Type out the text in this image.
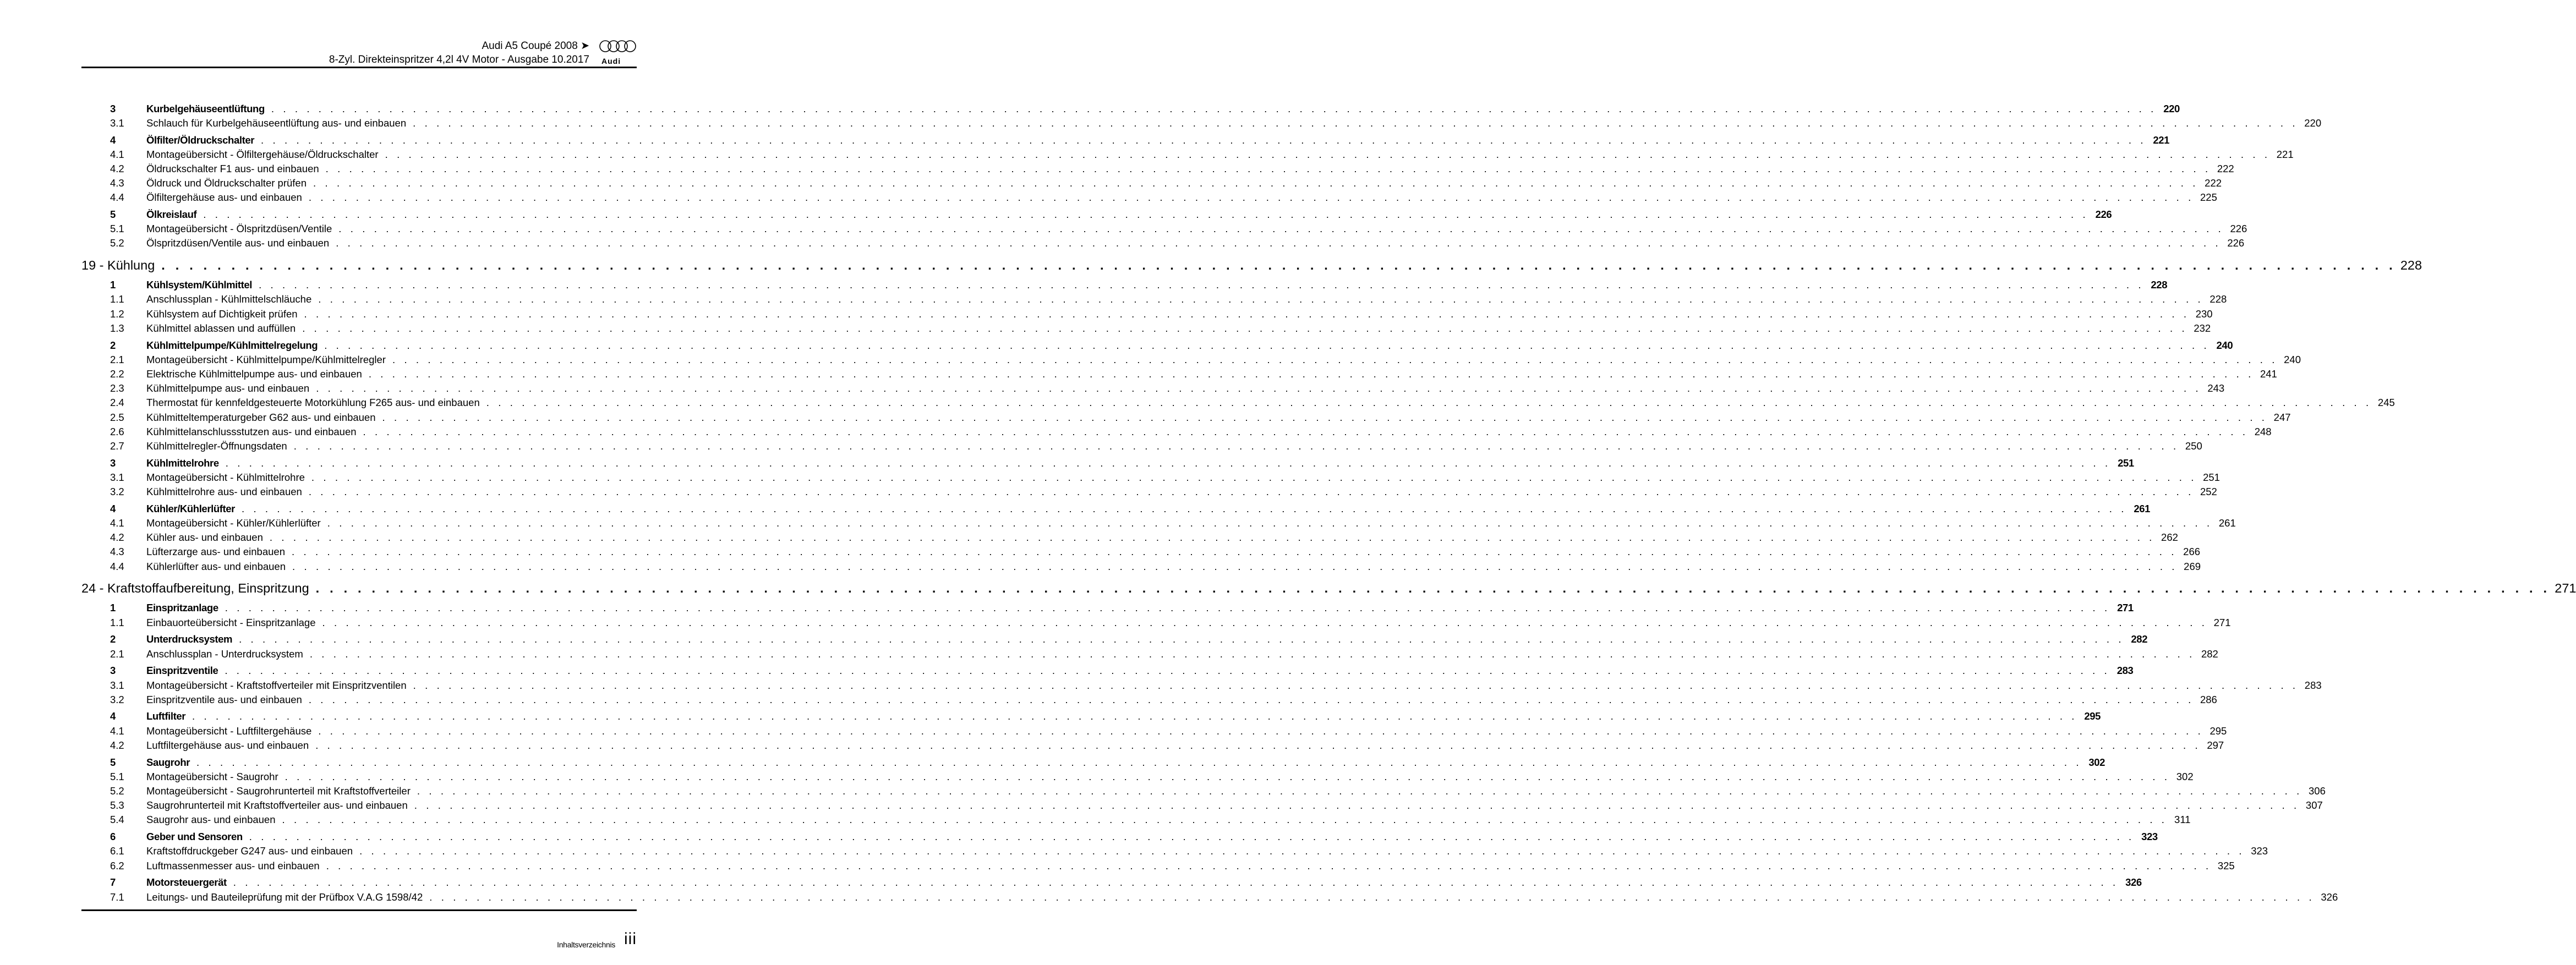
Audi A5 Coupé 2008 ➤
8-Zyl. Direkteinspritzer 4,2l 4V Motor - Ausgabe 10.2017 Audi
3	Kurbelgehäuseentlüftung . . . . . . . . . . . . . . . . . . . . . . . . . . . . . . . . . . . . . . . . . . . . . . . . . . . . . . . . . . . . . . . . . . . . . . . . . . . . . . . . . . . . . . . . . . . . . . . . . . . . . . . . . . . . . . . . . . . . . . . . . . . . . . . . . . . . . . . . . . . . . . . . . . . . . . . . . . . . . . . . 220
3.1	Schlauch für Kurbelgehäuseentlüftung aus- und einbauen . . . . . . . . . . . . . . . . . . . . . . . . . . . . . . . . . . . . . . . . . . . . . . . . . . . . . . . . . . . . . . . . . . . . . . . . . . . . . . . . . . . . . . . . . . . . . . . . . . . . . . . . . . . . . . . . . . . . . . . . . . . . . . . . . . . . . . . . . . . . . . . . . . . . . . . . . . . . . . . . 220
4	Ölfilter/Öldruckschalter . . . . . . . . . . . . . . . . . . . . . . . . . . . . . . . . . . . . . . . . . . . . . . . . . . . . . . . . . . . . . . . . . . . . . . . . . . . . . . . . . . . . . . . . . . . . . . . . . . . . . . . . . . . . . . . . . . . . . . . . . . . . . . . . . . . . . . . . . . . . . . . . . . . . . . . . . . . . . . . . 221
4.1	Montageübersicht - Ölfiltergehäuse/Öldruckschalter . . . . . . . . . . . . . . . . . . . . . . . . . . . . . . . . . . . . . . . . . . . . . . . . . . . . . . . . . . . . . . . . . . . . . . . . . . . . . . . . . . . . . . . . . . . . . . . . . . . . . . . . . . . . . . . . . . . . . . . . . . . . . . . . . . . . . . . . . . . . . . . . . . . . . . . . . . . . . . . . 221
4.2	Öldruckschalter F1 aus- und einbauen . . . . . . . . . . . . . . . . . . . . . . . . . . . . . . . . . . . . . . . . . . . . . . . . . . . . . . . . . . . . . . . . . . . . . . . . . . . . . . . . . . . . . . . . . . . . . . . . . . . . . . . . . . . . . . . . . . . . . . . . . . . . . . . . . . . . . . . . . . . . . . . . . . . . . . . . . . . . . . . . 222
4.3	Öldruck und Öldruckschalter prüfen . . . . . . . . . . . . . . . . . . . . . . . . . . . . . . . . . . . . . . . . . . . . . . . . . . . . . . . . . . . . . . . . . . . . . . . . . . . . . . . . . . . . . . . . . . . . . . . . . . . . . . . . . . . . . . . . . . . . . . . . . . . . . . . . . . . . . . . . . . . . . . . . . . . . . . . . . . . . . . . . 222
4.4	Ölfiltergehäuse aus- und einbauen . . . . . . . . . . . . . . . . . . . . . . . . . . . . . . . . . . . . . . . . . . . . . . . . . . . . . . . . . . . . . . . . . . . . . . . . . . . . . . . . . . . . . . . . . . . . . . . . . . . . . . . . . . . . . . . . . . . . . . . . . . . . . . . . . . . . . . . . . . . . . . . . . . . . . . . . . . . . . . . . 225
5	Ölkreislauf . . . . . . . . . . . . . . . . . . . . . . . . . . . . . . . . . . . . . . . . . . . . . . . . . . . . . . . . . . . . . . . . . . . . . . . . . . . . . . . . . . . . . . . . . . . . . . . . . . . . . . . . . . . . . . . . . . . . . . . . . . . . . . . . . . . . . . . . . . . . . . . . . . . . . . . . . . . . . . . . 226
5.1	Montageübersicht - Ölspritzdüsen/Ventile . . . . . . . . . . . . . . . . . . . . . . . . . . . . . . . . . . . . . . . . . . . . . . . . . . . . . . . . . . . . . . . . . . . . . . . . . . . . . . . . . . . . . . . . . . . . . . . . . . . . . . . . . . . . . . . . . . . . . . . . . . . . . . . . . . . . . . . . . . . . . . . . . . . . . . . . . . . . . . . . 226
5.2	Ölspritzdüsen/Ventile aus- und einbauen . . . . . . . . . . . . . . . . . . . . . . . . . . . . . . . . . . . . . . . . . . . . . . . . . . . . . . . . . . . . . . . . . . . . . . . . . . . . . . . . . . . . . . . . . . . . . . . . . . . . . . . . . . . . . . . . . . . . . . . . . . . . . . . . . . . . . . . . . . . . . . . . . . . . . . . . . . . . . . . . 226
19 - Kühlung . . . . . . . . . . . . . . . . . . . . . . . . . . . . . . . . . . . . . . . . . . . . . . . . . . . . . . . . . . . . . . . . . . . . . . . . . . . . . . . . . . . . . . . . . . . . . . . . . . . . . . . . . . . . . . . . . . . . . . . . . . . . . . . . . . . . . . . . . . . . . . . . . . . . . . . . . . . . . . . . 228
1	Kühlsystem/Kühlmittel . . . . . . . . . . . . . . . . . . . . . . . . . . . . . . . . . . . . . . . . . . . . . . . . . . . . . . . . . . . . . . . . . . . . . . . . . . . . . . . . . . . . . . . . . . . . . . . . . . . . . . . . . . . . . . . . . . . . . . . . . . . . . . . . . . . . . . . . . . . . . . . . . . . . . . . . . . . . . . . . 228
1.1	Anschlussplan - Kühlmittelschläuche . . . . . . . . . . . . . . . . . . . . . . . . . . . . . . . . . . . . . . . . . . . . . . . . . . . . . . . . . . . . . . . . . . . . . . . . . . . . . . . . . . . . . . . . . . . . . . . . . . . . . . . . . . . . . . . . . . . . . . . . . . . . . . . . . . . . . . . . . . . . . . . . . . . . . . . . . . . . . . . . 228
1.2	Kühlsystem auf Dichtigkeit prüfen . . . . . . . . . . . . . . . . . . . . . . . . . . . . . . . . . . . . . . . . . . . . . . . . . . . . . . . . . . . . . . . . . . . . . . . . . . . . . . . . . . . . . . . . . . . . . . . . . . . . . . . . . . . . . . . . . . . . . . . . . . . . . . . . . . . . . . . . . . . . . . . . . . . . . . . . . . . . . . . . 230
1.3	Kühlmittel ablassen und auffüllen . . . . . . . . . . . . . . . . . . . . . . . . . . . . . . . . . . . . . . . . . . . . . . . . . . . . . . . . . . . . . . . . . . . . . . . . . . . . . . . . . . . . . . . . . . . . . . . . . . . . . . . . . . . . . . . . . . . . . . . . . . . . . . . . . . . . . . . . . . . . . . . . . . . . . . . . . . . . . . . . 232
2	Kühlmittelpumpe/Kühlmittelregelung . . . . . . . . . . . . . . . . . . . . . . . . . . . . . . . . . . . . . . . . . . . . . . . . . . . . . . . . . . . . . . . . . . . . . . . . . . . . . . . . . . . . . . . . . . . . . . . . . . . . . . . . . . . . . . . . . . . . . . . . . . . . . . . . . . . . . . . . . . . . . . . . . . . . . . . . . . . . . . . . 240
2.1	Montageübersicht - Kühlmittelpumpe/Kühlmittelregler . . . . . . . . . . . . . . . . . . . . . . . . . . . . . . . . . . . . . . . . . . . . . . . . . . . . . . . . . . . . . . . . . . . . . . . . . . . . . . . . . . . . . . . . . . . . . . . . . . . . . . . . . . . . . . . . . . . . . . . . . . . . . . . . . . . . . . . . . . . . . . . . . . . . . . . . . . . . . . . . 240
2.2	Elektrische Kühlmittelpumpe aus- und einbauen . . . . . . . . . . . . . . . . . . . . . . . . . . . . . . . . . . . . . . . . . . . . . . . . . . . . . . . . . . . . . . . . . . . . . . . . . . . . . . . . . . . . . . . . . . . . . . . . . . . . . . . . . . . . . . . . . . . . . . . . . . . . . . . . . . . . . . . . . . . . . . . . . . . . . . . . . . . . . . . . 241
2.3	Kühlmittelpumpe aus- und einbauen . . . . . . . . . . . . . . . . . . . . . . . . . . . . . . . . . . . . . . . . . . . . . . . . . . . . . . . . . . . . . . . . . . . . . . . . . . . . . . . . . . . . . . . . . . . . . . . . . . . . . . . . . . . . . . . . . . . . . . . . . . . . . . . . . . . . . . . . . . . . . . . . . . . . . . . . . . . . . . . . 243
2.4	Thermostat für kennfeldgesteuerte Motorkühlung F265 aus- und einbauen . . . . . . . . . . . . . . . . . . . . . . . . . . . . . . . . . . . . . . . . . . . . . . . . . . . . . . . . . . . . . . . . . . . . . . . . . . . . . . . . . . . . . . . . . . . . . . . . . . . . . . . . . . . . . . . . . . . . . . . . . . . . . . . . . . . . . . . . . . . . . . . . . . . . . . . . . . . . . . . . 245
2.5	Kühlmitteltemperaturgeber G62 aus- und einbauen . . . . . . . . . . . . . . . . . . . . . . . . . . . . . . . . . . . . . . . . . . . . . . . . . . . . . . . . . . . . . . . . . . . . . . . . . . . . . . . . . . . . . . . . . . . . . . . . . . . . . . . . . . . . . . . . . . . . . . . . . . . . . . . . . . . . . . . . . . . . . . . . . . . . . . . . . . . . . . . . 247
2.6	Kühlmittelanschlussstutzen aus- und einbauen . . . . . . . . . . . . . . . . . . . . . . . . . . . . . . . . . . . . . . . . . . . . . . . . . . . . . . . . . . . . . . . . . . . . . . . . . . . . . . . . . . . . . . . . . . . . . . . . . . . . . . . . . . . . . . . . . . . . . . . . . . . . . . . . . . . . . . . . . . . . . . . . . . . . . . . . . . . . . . . . 248
2.7	Kühlmittelregler-Öffnungsdaten . . . . . . . . . . . . . . . . . . . . . . . . . . . . . . . . . . . . . . . . . . . . . . . . . . . . . . . . . . . . . . . . . . . . . . . . . . . . . . . . . . . . . . . . . . . . . . . . . . . . . . . . . . . . . . . . . . . . . . . . . . . . . . . . . . . . . . . . . . . . . . . . . . . . . . . . . . . . . . . . 250
3	Kühlmittelrohre . . . . . . . . . . . . . . . . . . . . . . . . . . . . . . . . . . . . . . . . . . . . . . . . . . . . . . . . . . . . . . . . . . . . . . . . . . . . . . . . . . . . . . . . . . . . . . . . . . . . . . . . . . . . . . . . . . . . . . . . . . . . . . . . . . . . . . . . . . . . . . . . . . . . . . . . . . . . . . . . 251
3.1	Montageübersicht - Kühlmittelrohre . . . . . . . . . . . . . . . . . . . . . . . . . . . . . . . . . . . . . . . . . . . . . . . . . . . . . . . . . . . . . . . . . . . . . . . . . . . . . . . . . . . . . . . . . . . . . . . . . . . . . . . . . . . . . . . . . . . . . . . . . . . . . . . . . . . . . . . . . . . . . . . . . . . . . . . . . . . . . . . . 251
3.2	Kühlmittelrohre aus- und einbauen . . . . . . . . . . . . . . . . . . . . . . . . . . . . . . . . . . . . . . . . . . . . . . . . . . . . . . . . . . . . . . . . . . . . . . . . . . . . . . . . . . . . . . . . . . . . . . . . . . . . . . . . . . . . . . . . . . . . . . . . . . . . . . . . . . . . . . . . . . . . . . . . . . . . . . . . . . . . . . . . 252
4	Kühler/Kühlerlüfter . . . . . . . . . . . . . . . . . . . . . . . . . . . . . . . . . . . . . . . . . . . . . . . . . . . . . . . . . . . . . . . . . . . . . . . . . . . . . . . . . . . . . . . . . . . . . . . . . . . . . . . . . . . . . . . . . . . . . . . . . . . . . . . . . . . . . . . . . . . . . . . . . . . . . . . . . . . . . . . . 261
4.1	Montageübersicht - Kühler/Kühlerlüfter . . . . . . . . . . . . . . . . . . . . . . . . . . . . . . . . . . . . . . . . . . . . . . . . . . . . . . . . . . . . . . . . . . . . . . . . . . . . . . . . . . . . . . . . . . . . . . . . . . . . . . . . . . . . . . . . . . . . . . . . . . . . . . . . . . . . . . . . . . . . . . . . . . . . . . . . . . . . . . . . 261
4.2	Kühler aus- und einbauen . . . . . . . . . . . . . . . . . . . . . . . . . . . . . . . . . . . . . . . . . . . . . . . . . . . . . . . . . . . . . . . . . . . . . . . . . . . . . . . . . . . . . . . . . . . . . . . . . . . . . . . . . . . . . . . . . . . . . . . . . . . . . . . . . . . . . . . . . . . . . . . . . . . . . . . . . . . . . . . . 262
4.3	Lüfterzarge aus- und einbauen . . . . . . . . . . . . . . . . . . . . . . . . . . . . . . . . . . . . . . . . . . . . . . . . . . . . . . . . . . . . . . . . . . . . . . . . . . . . . . . . . . . . . . . . . . . . . . . . . . . . . . . . . . . . . . . . . . . . . . . . . . . . . . . . . . . . . . . . . . . . . . . . . . . . . . . . . . . . . . . . 266
4.4	Kühlerlüfter aus- und einbauen . . . . . . . . . . . . . . . . . . . . . . . . . . . . . . . . . . . . . . . . . . . . . . . . . . . . . . . . . . . . . . . . . . . . . . . . . . . . . . . . . . . . . . . . . . . . . . . . . . . . . . . . . . . . . . . . . . . . . . . . . . . . . . . . . . . . . . . . . . . . . . . . . . . . . . . . . . . . . . . . 269
24 - Kraftstoffaufbereitung, Einspritzung . . . . . . . . . . . . . . . . . . . . . . . . . . . . . . . . . . . . . . . . . . . . . . . . . . . . . . . . . . . . . . . . . . . . . . . . . . . . . . . . . . . . . . . . . . . . . . . . . . . . . . . . . . . . . . . . . . . . . . . . . . . . . . . . . . . . . . . . . . . . . . . . . . . . . . . . . . . . . . . . 271
1	Einspritzanlage . . . . . . . . . . . . . . . . . . . . . . . . . . . . . . . . . . . . . . . . . . . . . . . . . . . . . . . . . . . . . . . . . . . . . . . . . . . . . . . . . . . . . . . . . . . . . . . . . . . . . . . . . . . . . . . . . . . . . . . . . . . . . . . . . . . . . . . . . . . . . . . . . . . . . . . . . . . . . . . . 271
1.1	Einbauorteübersicht - Einspritzanlage . . . . . . . . . . . . . . . . . . . . . . . . . . . . . . . . . . . . . . . . . . . . . . . . . . . . . . . . . . . . . . . . . . . . . . . . . . . . . . . . . . . . . . . . . . . . . . . . . . . . . . . . . . . . . . . . . . . . . . . . . . . . . . . . . . . . . . . . . . . . . . . . . . . . . . . . . . . . . . . . 271
2	Unterdrucksystem . . . . . . . . . . . . . . . . . . . . . . . . . . . . . . . . . . . . . . . . . . . . . . . . . . . . . . . . . . . . . . . . . . . . . . . . . . . . . . . . . . . . . . . . . . . . . . . . . . . . . . . . . . . . . . . . . . . . . . . . . . . . . . . . . . . . . . . . . . . . . . . . . . . . . . . . . . . . . . . . 282
2.1	Anschlussplan - Unterdrucksystem . . . . . . . . . . . . . . . . . . . . . . . . . . . . . . . . . . . . . . . . . . . . . . . . . . . . . . . . . . . . . . . . . . . . . . . . . . . . . . . . . . . . . . . . . . . . . . . . . . . . . . . . . . . . . . . . . . . . . . . . . . . . . . . . . . . . . . . . . . . . . . . . . . . . . . . . . . . . . . . . 282
3	Einspritzventile . . . . . . . . . . . . . . . . . . . . . . . . . . . . . . . . . . . . . . . . . . . . . . . . . . . . . . . . . . . . . . . . . . . . . . . . . . . . . . . . . . . . . . . . . . . . . . . . . . . . . . . . . . . . . . . . . . . . . . . . . . . . . . . . . . . . . . . . . . . . . . . . . . . . . . . . . . . . . . . . 283
3.1	Montageübersicht - Kraftstoffverteiler mit Einspritzventilen . . . . . . . . . . . . . . . . . . . . . . . . . . . . . . . . . . . . . . . . . . . . . . . . . . . . . . . . . . . . . . . . . . . . . . . . . . . . . . . . . . . . . . . . . . . . . . . . . . . . . . . . . . . . . . . . . . . . . . . . . . . . . . . . . . . . . . . . . . . . . . . . . . . . . . . . . . . . . . . . 283
3.2	Einspritzventile aus- und einbauen . . . . . . . . . . . . . . . . . . . . . . . . . . . . . . . . . . . . . . . . . . . . . . . . . . . . . . . . . . . . . . . . . . . . . . . . . . . . . . . . . . . . . . . . . . . . . . . . . . . . . . . . . . . . . . . . . . . . . . . . . . . . . . . . . . . . . . . . . . . . . . . . . . . . . . . . . . . . . . . . 286
4	Luftfilter . . . . . . . . . . . . . . . . . . . . . . . . . . . . . . . . . . . . . . . . . . . . . . . . . . . . . . . . . . . . . . . . . . . . . . . . . . . . . . . . . . . . . . . . . . . . . . . . . . . . . . . . . . . . . . . . . . . . . . . . . . . . . . . . . . . . . . . . . . . . . . . . . . . . . . . . . . . . . . . . 295
4.1	Montageübersicht - Luftfiltergehäuse . . . . . . . . . . . . . . . . . . . . . . . . . . . . . . . . . . . . . . . . . . . . . . . . . . . . . . . . . . . . . . . . . . . . . . . . . . . . . . . . . . . . . . . . . . . . . . . . . . . . . . . . . . . . . . . . . . . . . . . . . . . . . . . . . . . . . . . . . . . . . . . . . . . . . . . . . . . . . . . . 295
4.2	Luftfiltergehäuse aus- und einbauen . . . . . . . . . . . . . . . . . . . . . . . . . . . . . . . . . . . . . . . . . . . . . . . . . . . . . . . . . . . . . . . . . . . . . . . . . . . . . . . . . . . . . . . . . . . . . . . . . . . . . . . . . . . . . . . . . . . . . . . . . . . . . . . . . . . . . . . . . . . . . . . . . . . . . . . . . . . . . . . . 297
5	Saugrohr . . . . . . . . . . . . . . . . . . . . . . . . . . . . . . . . . . . . . . . . . . . . . . . . . . . . . . . . . . . . . . . . . . . . . . . . . . . . . . . . . . . . . . . . . . . . . . . . . . . . . . . . . . . . . . . . . . . . . . . . . . . . . . . . . . . . . . . . . . . . . . . . . . . . . . . . . . . . . . . . 302
5.1	Montageübersicht - Saugrohr . . . . . . . . . . . . . . . . . . . . . . . . . . . . . . . . . . . . . . . . . . . . . . . . . . . . . . . . . . . . . . . . . . . . . . . . . . . . . . . . . . . . . . . . . . . . . . . . . . . . . . . . . . . . . . . . . . . . . . . . . . . . . . . . . . . . . . . . . . . . . . . . . . . . . . . . . . . . . . . . 302
5.2	Montageübersicht - Saugrohrunterteil mit Kraftstoffverteiler . . . . . . . . . . . . . . . . . . . . . . . . . . . . . . . . . . . . . . . . . . . . . . . . . . . . . . . . . . . . . . . . . . . . . . . . . . . . . . . . . . . . . . . . . . . . . . . . . . . . . . . . . . . . . . . . . . . . . . . . . . . . . . . . . . . . . . . . . . . . . . . . . . . . . . . . . . . . . . . . 306
5.3	Saugrohrunterteil mit Kraftstoffverteiler aus- und einbauen . . . . . . . . . . . . . . . . . . . . . . . . . . . . . . . . . . . . . . . . . . . . . . . . . . . . . . . . . . . . . . . . . . . . . . . . . . . . . . . . . . . . . . . . . . . . . . . . . . . . . . . . . . . . . . . . . . . . . . . . . . . . . . . . . . . . . . . . . . . . . . . . . . . . . . . . . . . . . . . . 307
5.4	Saugrohr aus- und einbauen . . . . . . . . . . . . . . . . . . . . . . . . . . . . . . . . . . . . . . . . . . . . . . . . . . . . . . . . . . . . . . . . . . . . . . . . . . . . . . . . . . . . . . . . . . . . . . . . . . . . . . . . . . . . . . . . . . . . . . . . . . . . . . . . . . . . . . . . . . . . . . . . . . . . . . . . . . . . . . . . 311
6	Geber und Sensoren . . . . . . . . . . . . . . . . . . . . . . . . . . . . . . . . . . . . . . . . . . . . . . . . . . . . . . . . . . . . . . . . . . . . . . . . . . . . . . . . . . . . . . . . . . . . . . . . . . . . . . . . . . . . . . . . . . . . . . . . . . . . . . . . . . . . . . . . . . . . . . . . . . . . . . . . . . . . . . . . 323
6.1	Kraftstoffdruckgeber G247 aus- und einbauen . . . . . . . . . . . . . . . . . . . . . . . . . . . . . . . . . . . . . . . . . . . . . . . . . . . . . . . . . . . . . . . . . . . . . . . . . . . . . . . . . . . . . . . . . . . . . . . . . . . . . . . . . . . . . . . . . . . . . . . . . . . . . . . . . . . . . . . . . . . . . . . . . . . . . . . . . . . . . . . . 323
6.2	Luftmassenmesser aus- und einbauen . . . . . . . . . . . . . . . . . . . . . . . . . . . . . . . . . . . . . . . . . . . . . . . . . . . . . . . . . . . . . . . . . . . . . . . . . . . . . . . . . . . . . . . . . . . . . . . . . . . . . . . . . . . . . . . . . . . . . . . . . . . . . . . . . . . . . . . . . . . . . . . . . . . . . . . . . . . . . . . . 325
7	Motorsteuergerät . . . . . . . . . . . . . . . . . . . . . . . . . . . . . . . . . . . . . . . . . . . . . . . . . . . . . . . . . . . . . . . . . . . . . . . . . . . . . . . . . . . . . . . . . . . . . . . . . . . . . . . . . . . . . . . . . . . . . . . . . . . . . . . . . . . . . . . . . . . . . . . . . . . . . . . . . . . . . . . . 326
7.1	Leitungs- und Bauteileprüfung mit der Prüfbox V.A.G 1598/42 . . . . . . . . . . . . . . . . . . . . . . . . . . . . . . . . . . . . . . . . . . . . . . . . . . . . . . . . . . . . . . . . . . . . . . . . . . . . . . . . . . . . . . . . . . . . . . . . . . . . . . . . . . . . . . . . . . . . . . . . . . . . . . . . . . . . . . . . . . . . . . . . . . . . . . . . . . . . . . . . 326
Inhaltsverzeichnis iii
